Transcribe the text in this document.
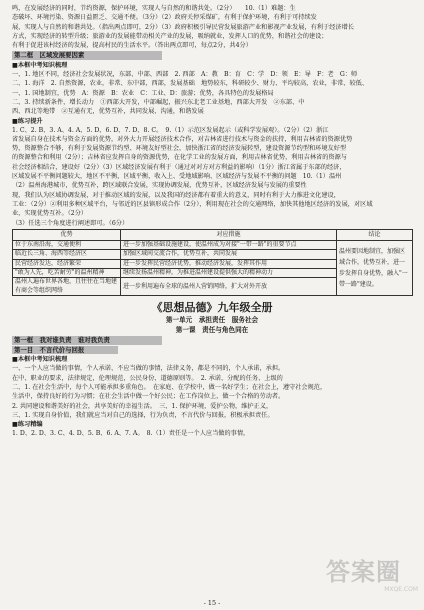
鸣，在发展经济的同时，节约资源，保护环境，实现人与自然的和谐共处。（2分）　　10.（1）难题：生

态破坏、环境污染、资源日益匮乏、交通不便。（3分）（2）政府关停采煤矿，有利于保护环境，有利于可持续发

展，实现人与自然的和谐共处。（指出两点即可，2分）（3）政府积极引导民营发展旅游产业和影视产业发展，有利于经济增长

方式，实现经济的转型升级；旅游业的发展能带动相关产业的发展，吸纳就业，发挥人口的优势，和谐社会的建设；

有利于促进该村经济的发展，提高村民的生活水平。（答出两点即可，每点2分，共4分）

第二框　区域发展要因素
■本框中考知识梳理

一、1. 地区不同，经济社会发展状况，东部、中部、西部　2. 西部　A：教　B：育　C：学　D：领　E：导　F：老　G：师

二、1. 海洋　2. 自然资源，农业，非常、东中部，西部，发展基础　地势较东，科研较少、财力、平均较高，农业，非常、较低、

一、1. 国地制宜，优势　A：资源　B：农业　C：工业、D：旅游；优势，各具特色的发展格局

二、3. 持续新条件，增长动力　①西部大开发，中部崛起，振兴东北老工业基地，西部大开发　②东部、中

西、西北等地带　②互通有无，优势互补，共同发展、沟通，和谐发展

■练习提升

1. C、2. B、3. A、4. A、5. D、6. D、7. D、8. C。　9.（1）示范区发展起示（或科学发展观）。（2分）（2）浙江

省发展自身在技术与资金方面的优势，对外大力开展经济技术合作，对吉林省进行技术与资金的扶持，利用吉林省的资源优势

势，资源整合不够，有利于发展资源节约型、环境友好型社会，加快浙江省的经济发展转型，建设资源节约型和环境友好型

的资源整合和利用（2分）；吉林省应发挥自身的资源优势，在化学工业的发展方面，利用吉林省优势，利用吉林省的资源与

社会经济相结合，建设好（2分）（3）区域经济发展有利于（通过对对方对方利益的影响）（1分）浙江省属于东部的经济，

区域发展不平衡问题较大，地区不平衡，区域平衡，收入上、受地域影响、区域经济与发展不平衡的问题　10.（1）温州

（2）温州海港城市，优势互补，跨区域联合发展，实现协调发展，优势互补，区域经济发展与发展的重要性

现，我们认为区域协调发展，对于推动区域的发展，以及我国的经济都有着重大的意义，同时有利于大力推进文化建设，

工业：（2分）②利用多种区域平台，与邻近的区县镇形成合作（2分），利用现在社会的交通网络，加快其他地区经济的发展，对区域

业，实现优势互补。（2分）

（3）任选三个角度进行阐述即可。（6分）

优势	对应措施	结论
位于东南沿海，交通便利	进一步加强基础设施建设，使温州成为对接"一带一路"的重要节点	温州要因地制宜，加强区域合作，优势互补，进一步发挥自身优势，融入"一带一路"建设。
临近长三角、海西等经济区	加强区域间交流合作，优势互补，共同发展	
民营经济发达，经济繁荣	进一步发挥民营经济优势，推动经济发展，发挥其作用	
"敢为人先，吃苦耐劳"的温州精神	继续发扬温州精神，为推进温州建设提供强大的精神动力	
温州人遍布世界各地，且往往在当地建有商会等组织网络	进一步利用遍布全球的温州人营销网络，扩大对外开放	
《思想品德》九年级全册
第一单元　承担责任　服务社会
第一课　责任与角色同在
第一框　我对谁负责　谁对我负责
第一目　不言代价与回报
■本框中考知识梳理

一、一个人应当做的事情，个人承诺、不应当做的事情，法律义务，都是不同的，个人承诺，承担。

在中、职业的要求，法律规定，伦理规范，公民身份，道德原则等。　2. 承诺、分配的任务、上级的

二、1. 在社会生活中，每个人可能承担多重角色。　在家庭、在学校中，做一名好学生；在社会上，遵守社会规范，

生活中，保持良好的行为习惯；在社会生活中做一个好公民；在工作岗位上，做一个合格的劳动者。

2. 共同建设和谐美好的社会，共享美好的幸福生活。　三、1. 保护环境，爱护公物，维护正义，

三、1. 实现自身价值，我们就应当对自己的选择，行为负责，不言代价与回报，积极承担责任。

■练习精编

1. D、2. D、3. C、4. D、5. B、6. A、7. A。　8.（1）责任是一个人应当做的事情，

答案圈
MXQE.COM
- 15 -
